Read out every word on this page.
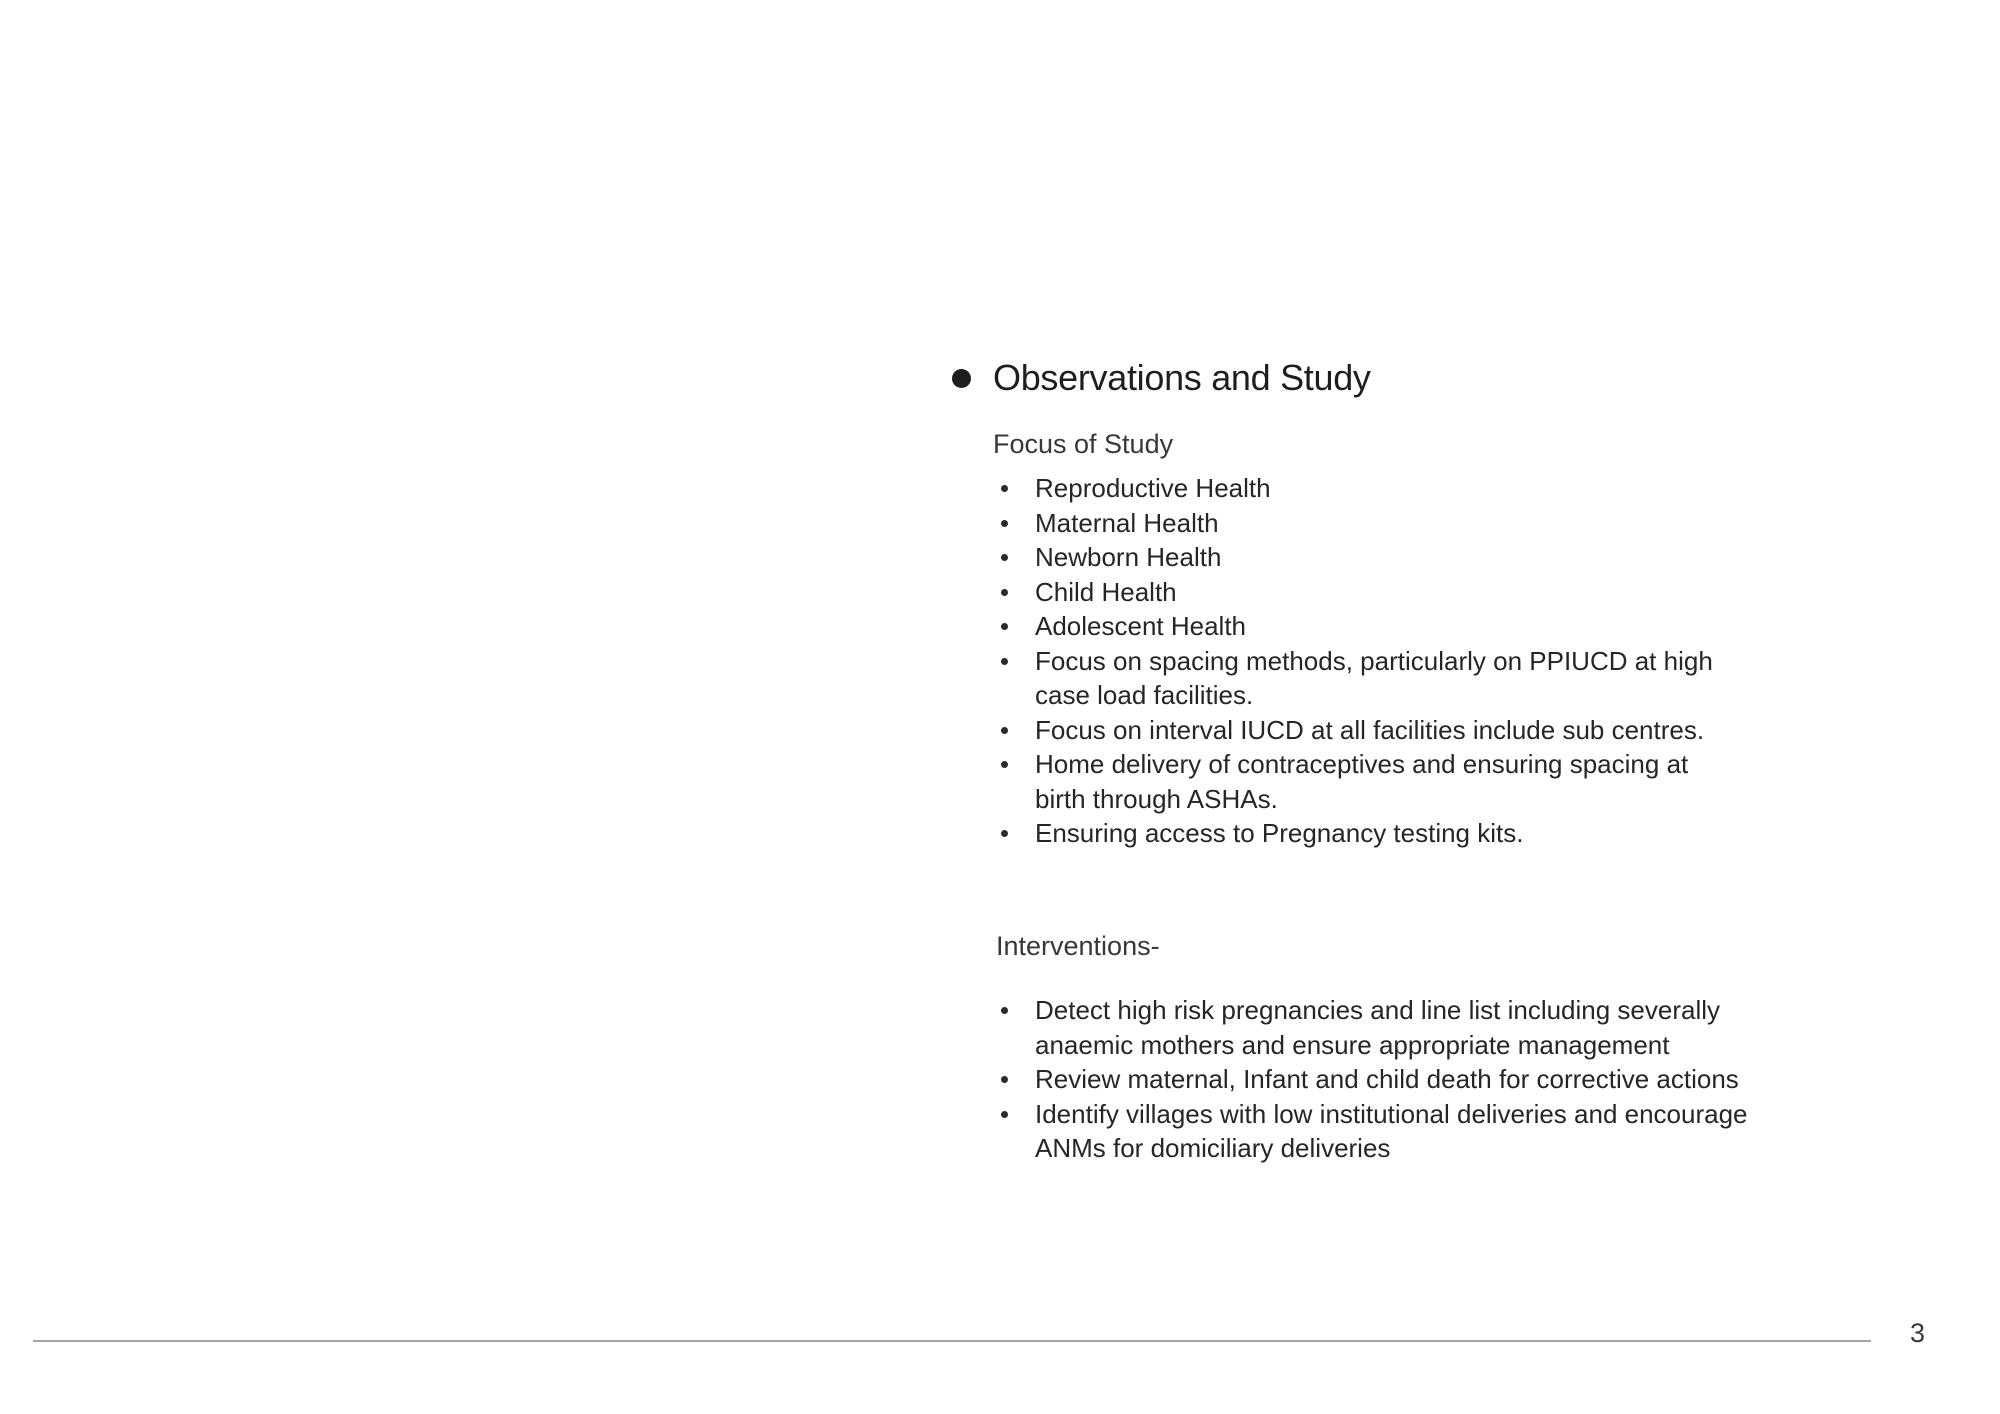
Observations and Study
Focus of Study
Reproductive Health
Maternal Health
Newborn Health
Child Health
Adolescent Health
Focus on spacing methods, particularly on PPIUCD at high case load facilities.
Focus on interval IUCD at all facilities include sub centres.
Home delivery of contraceptives and ensuring spacing at birth through ASHAs.
Ensuring access to Pregnancy testing kits.
Interventions-
Detect high risk pregnancies and line list including severally anaemic mothers and ensure appropriate management
Review maternal, Infant and child death for corrective actions
Identify villages with low institutional deliveries and encourage ANMs for domiciliary deliveries
3
